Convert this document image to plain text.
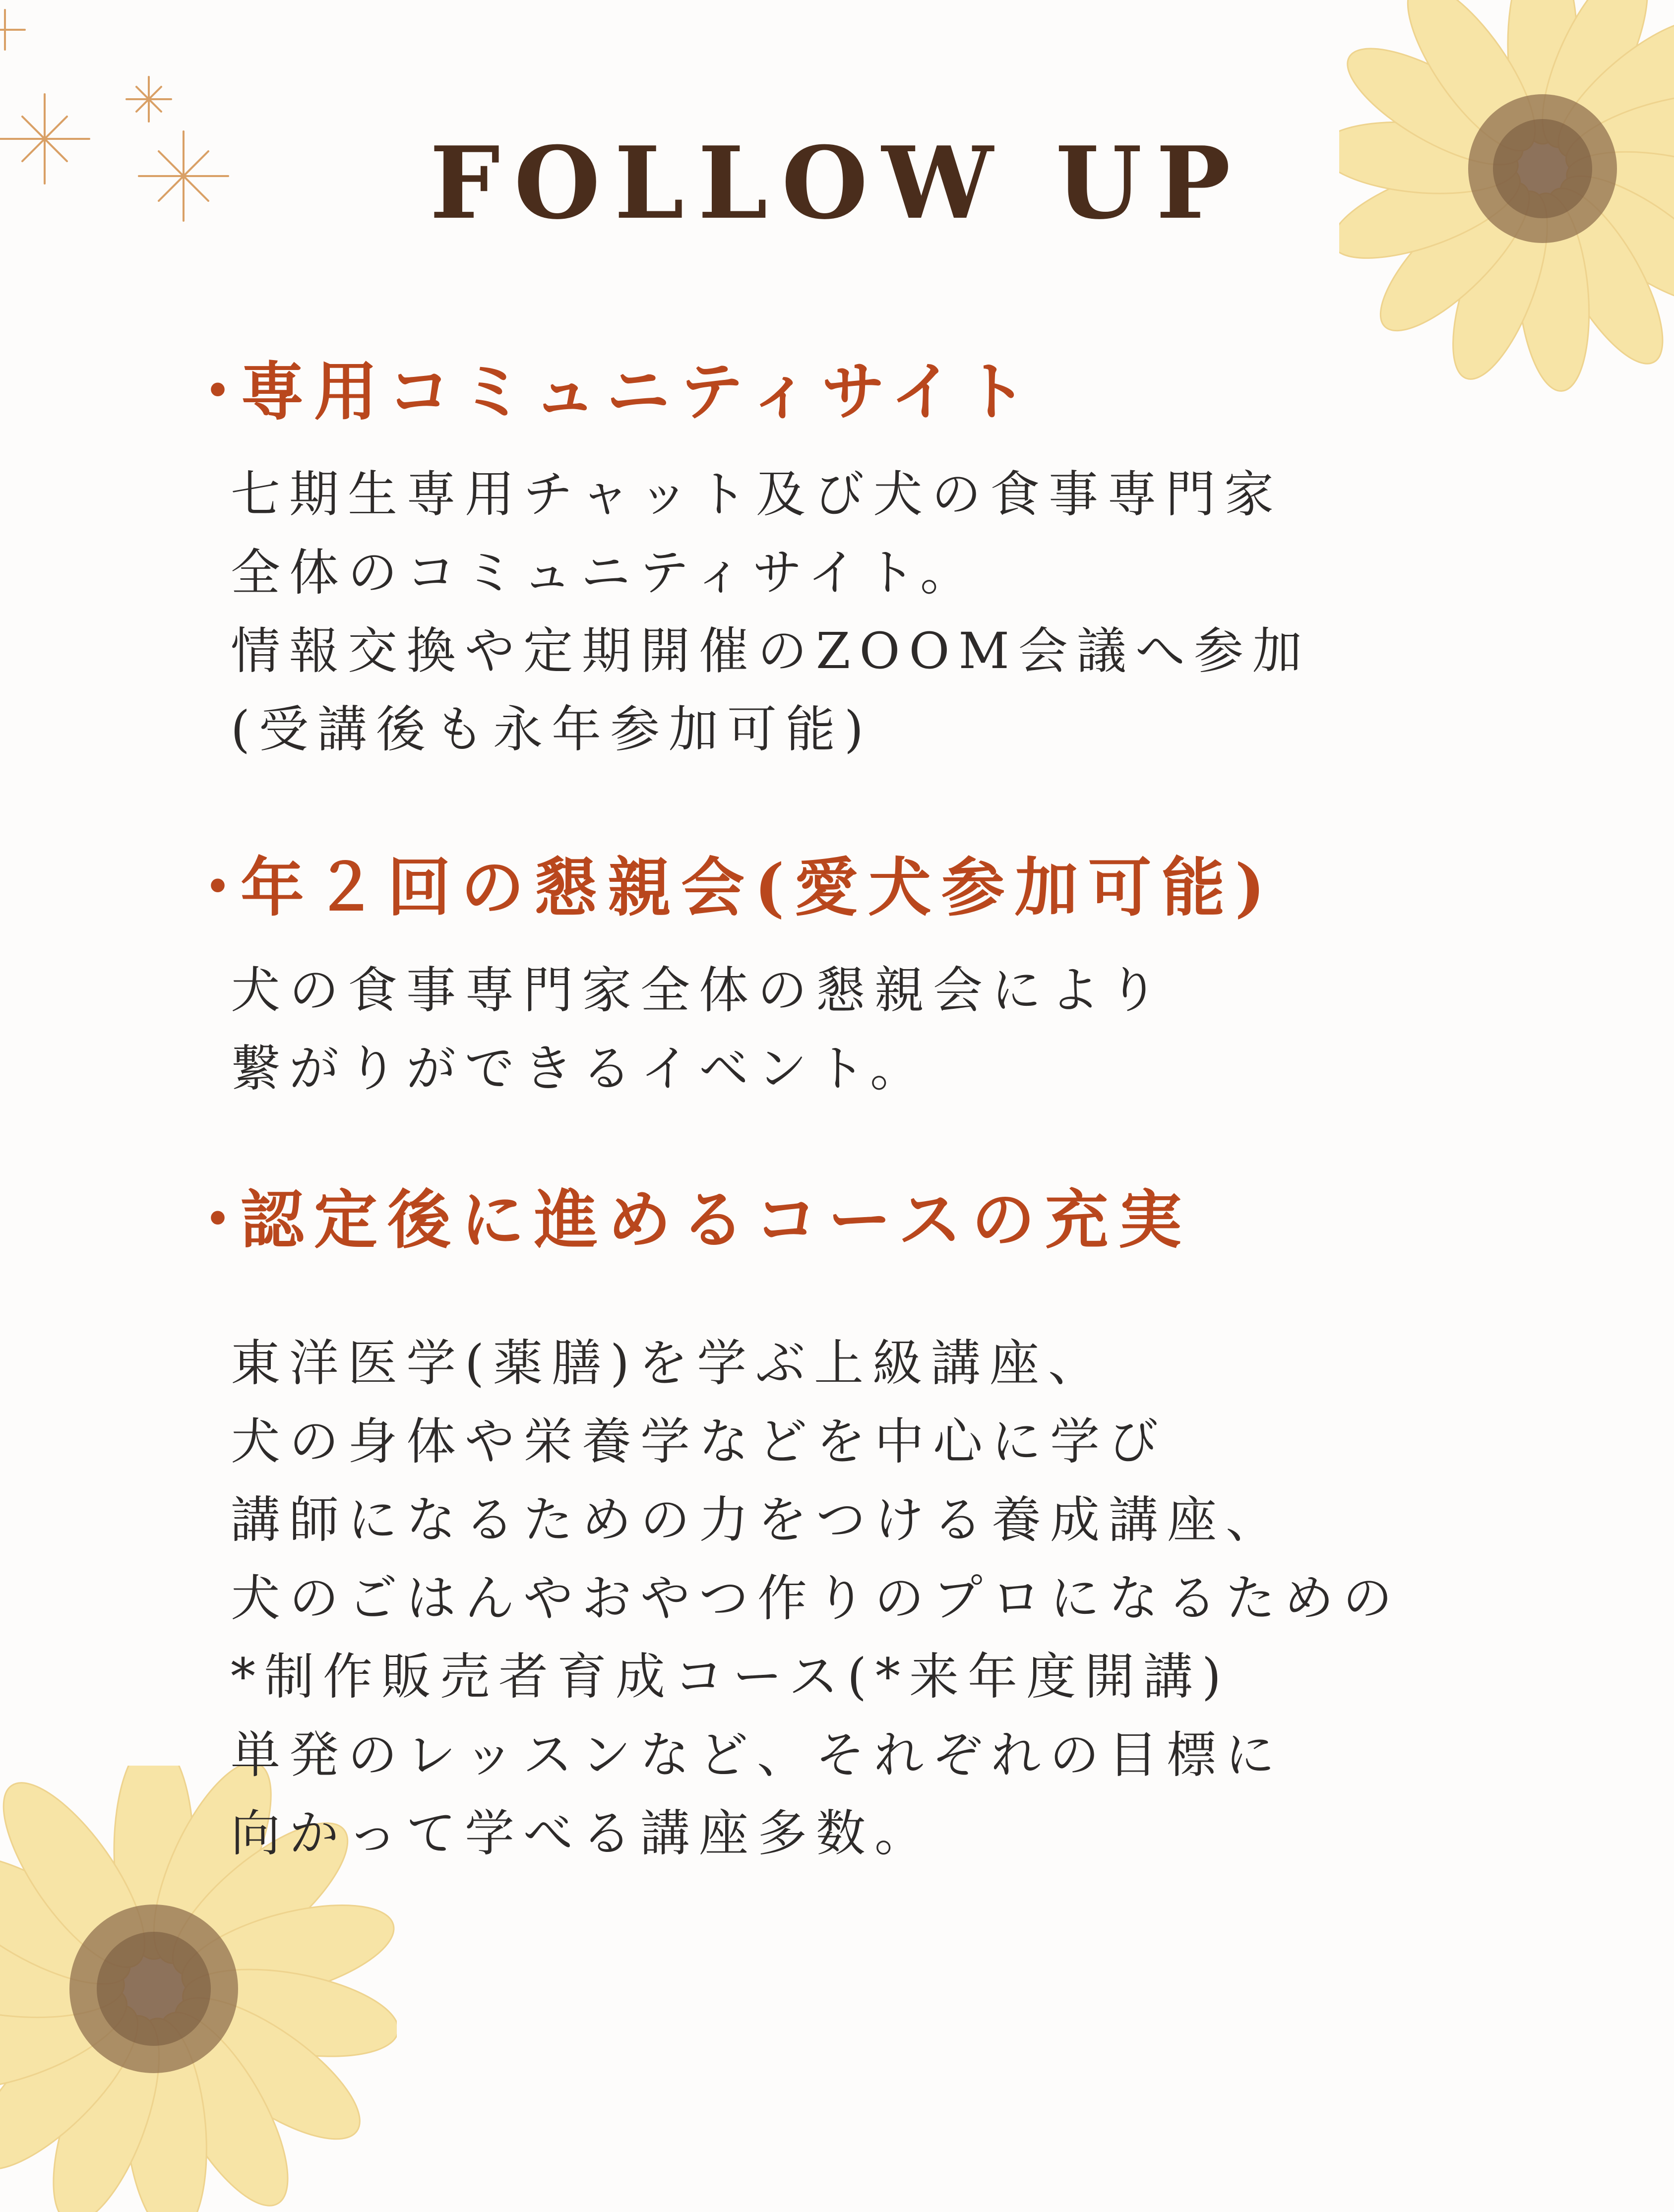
FOLLOW UP
・専用コミュニティサイト
七期生専用チャット及び犬の食事専門家
全体のコミュニティサイト。
情報交換や定期開催のZOOM会議へ参加
(受講後も永年参加可能)
・年２回の懇親会(愛犬参加可能)
犬の食事専門家全体の懇親会により
繋がりができるイベント。
・認定後に進めるコースの充実
東洋医学(薬膳)を学ぶ上級講座、
犬の身体や栄養学などを中心に学び
講師になるための力をつける養成講座、
犬のごはんやおやつ作りのプロになるための
*制作販売者育成コース(*来年度開講)
単発のレッスンなど、それぞれの目標に
向かって学べる講座多数。
